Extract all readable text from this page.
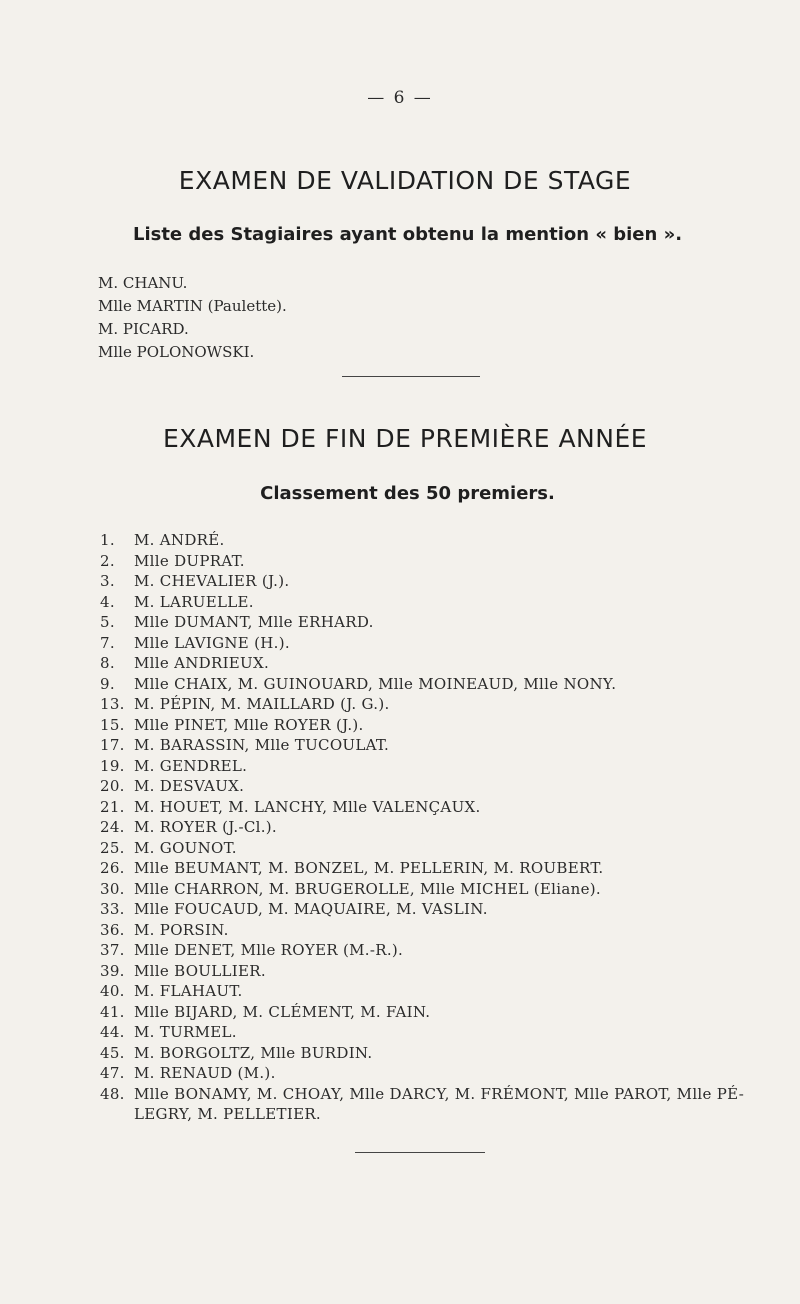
— 6 —
EXAMEN DE VALIDATION DE STAGE
Liste des Stagiaires ayant obtenu la mention « bien ».
M. CHANU.
Mlle MARTIN (Paulette).
M. PICARD.
Mlle POLONOWSKI.
EXAMEN DE FIN DE PREMIÈRE ANNÉE
Classement des 50 premiers.
1.	M. ANDRÉ.
2.	Mlle DUPRAT.
3.	M. CHEVALIER (J.).
4.	M. LARUELLE.
5.	Mlle DUMANT, Mlle ERHARD.
7.	Mlle LAVIGNE (H.).
8.	Mlle ANDRIEUX.
9.	Mlle CHAIX, M. GUINOUARD, Mlle MOINEAUD, Mlle NONY.
13. M. PÉPIN, M. MAILLARD (J. G.).
15. Mlle PINET, Mlle ROYER (J.).
17. M. BARASSIN, Mlle TUCOULAT.
19. M. GENDREL.
20. M. DESVAUX.
21. M. HOUET, M. LANCHY, Mlle VALENÇAUX.
24. M. ROYER (J.-Cl.).
25. M. GOUNOT.
26. Mlle BEUMANT, M. BONZEL, M. PELLERIN, M. ROUBERT.
30. Mlle CHARRON, M. BRUGEROLLE, Mlle MICHEL (Eliane).
33. Mlle FOUCAUD, M. MAQUAIRE, M. VASLIN.
36. M. PORSIN.
37. Mlle DENET, Mlle ROYER (M.-R.).
39. Mlle BOULLIER.
40. M. FLAHAUT.
41. Mlle BIJARD, M. CLÉMENT, M. FAIN.
44. M. TURMEL.
45. M. BORGOLTZ, Mlle BURDIN.
47. M. RENAUD (M.).
48. Mlle BONAMY, M. CHOAY, Mlle DARCY, M. FRÉMONT, Mlle PAROT, Mlle PÉ-
LEGRY, M. PELLETIER.
